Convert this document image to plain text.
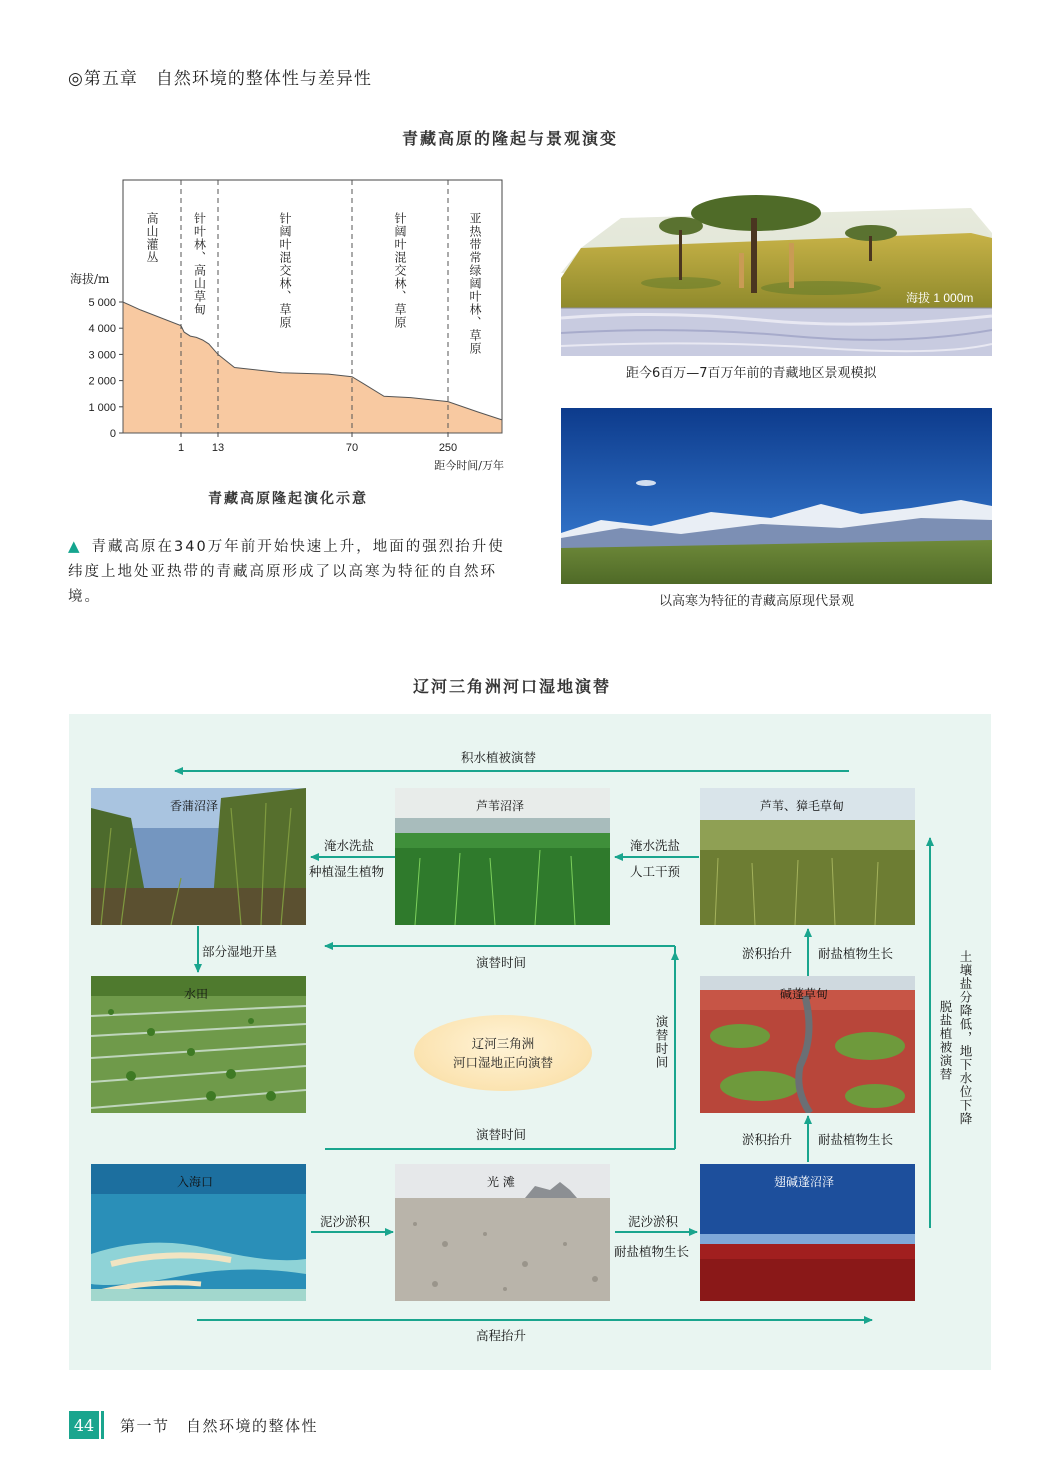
◎第五章　自然环境的整体性与差异性
青藏高原的隆起与景观演变
0
1 000
2 000
3 000
4 000
5 000
海拔/m
1	13	70	250
距今时间/万年
高山灌丛	针叶林、高山草甸	针阔叶混交林、草原	针阔叶混交林、草原	亚热带常绿阔叶林、草原
青藏高原隆起演化示意
▲ 青藏高原在340万年前开始快速上升，地面的强烈抬升使纬度上地处亚热带的青藏高原形成了以高寒为特征的自然环境。
海拔 1 000m
距今6百万—7百万年前的青藏地区景观模拟
以高寒为特征的青藏高原现代景观
辽河三角洲河口湿地演替
香蒲沼泽	芦苇沼泽	芦苇、獐毛草甸
水田
辽河三角洲
河口湿地正向演替
碱蓬草甸
入海口	光 滩	翅碱蓬沼泽
积水植被演替
淹水洗盐
种植湿生植物
淹水洗盐
人工干预
部分湿地开垦
演替时间
演替时间
演替时间
淤积抬升 耐盐植物生长
淤积抬升 耐盐植物生长
泥沙淤积	泥沙淤积
耐盐植物生长
高程抬升
土壤盐分降低，地下水位下降
脱盐植被演替
44	第一节　自然环境的整体性
